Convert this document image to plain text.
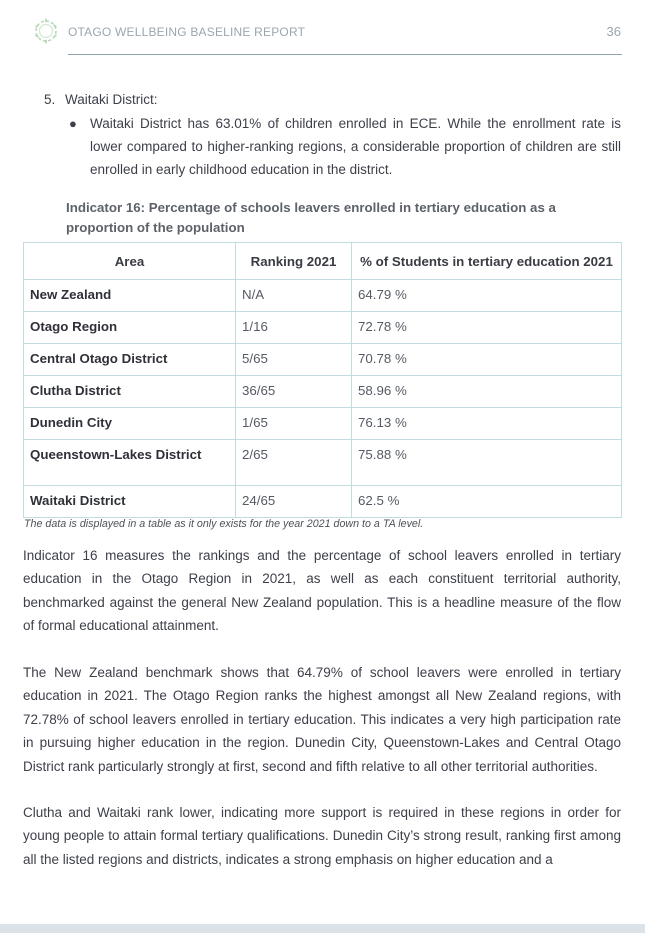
OTAGO WELLBEING BASELINE REPORT	36
5. Waitaki District:
● Waitaki District has 63.01% of children enrolled in ECE. While the enrollment rate is lower compared to higher-ranking regions, a considerable proportion of children are still enrolled in early childhood education in the district.
Indicator 16: Percentage of schools leavers enrolled in tertiary education as a proportion of the population
Area	Ranking 2021	% of Students in tertiary education 2021
New Zealand	N/A	64.79 %
Otago Region	1/16	72.78 %
Central Otago District	5/65	70.78 %
Clutha District	36/65	58.96 %
Dunedin City	1/65	76.13 %
Queenstown-Lakes District	2/65	75.88 %
Waitaki District	24/65	62.5 %
The data is displayed in a table as it only exists for the year 2021 down to a TA level.
Indicator 16 measures the rankings and the percentage of school leavers enrolled in tertiary education in the Otago Region in 2021, as well as each constituent territorial authority, benchmarked against the general New Zealand population. This is a headline measure of the flow of formal educational attainment.
The New Zealand benchmark shows that 64.79% of school leavers were enrolled in tertiary education in 2021. The Otago Region ranks the highest amongst all New Zealand regions, with 72.78% of school leavers enrolled in tertiary education. This indicates a very high participation rate in pursuing higher education in the region. Dunedin City, Queenstown-Lakes and Central Otago District rank particularly strongly at first, second and fifth relative to all other territorial authorities.
Clutha and Waitaki rank lower, indicating more support is required in these regions in order for young people to attain formal tertiary qualifications. Dunedin City’s strong result, ranking first among all the listed regions and districts, indicates a strong emphasis on higher education and a
